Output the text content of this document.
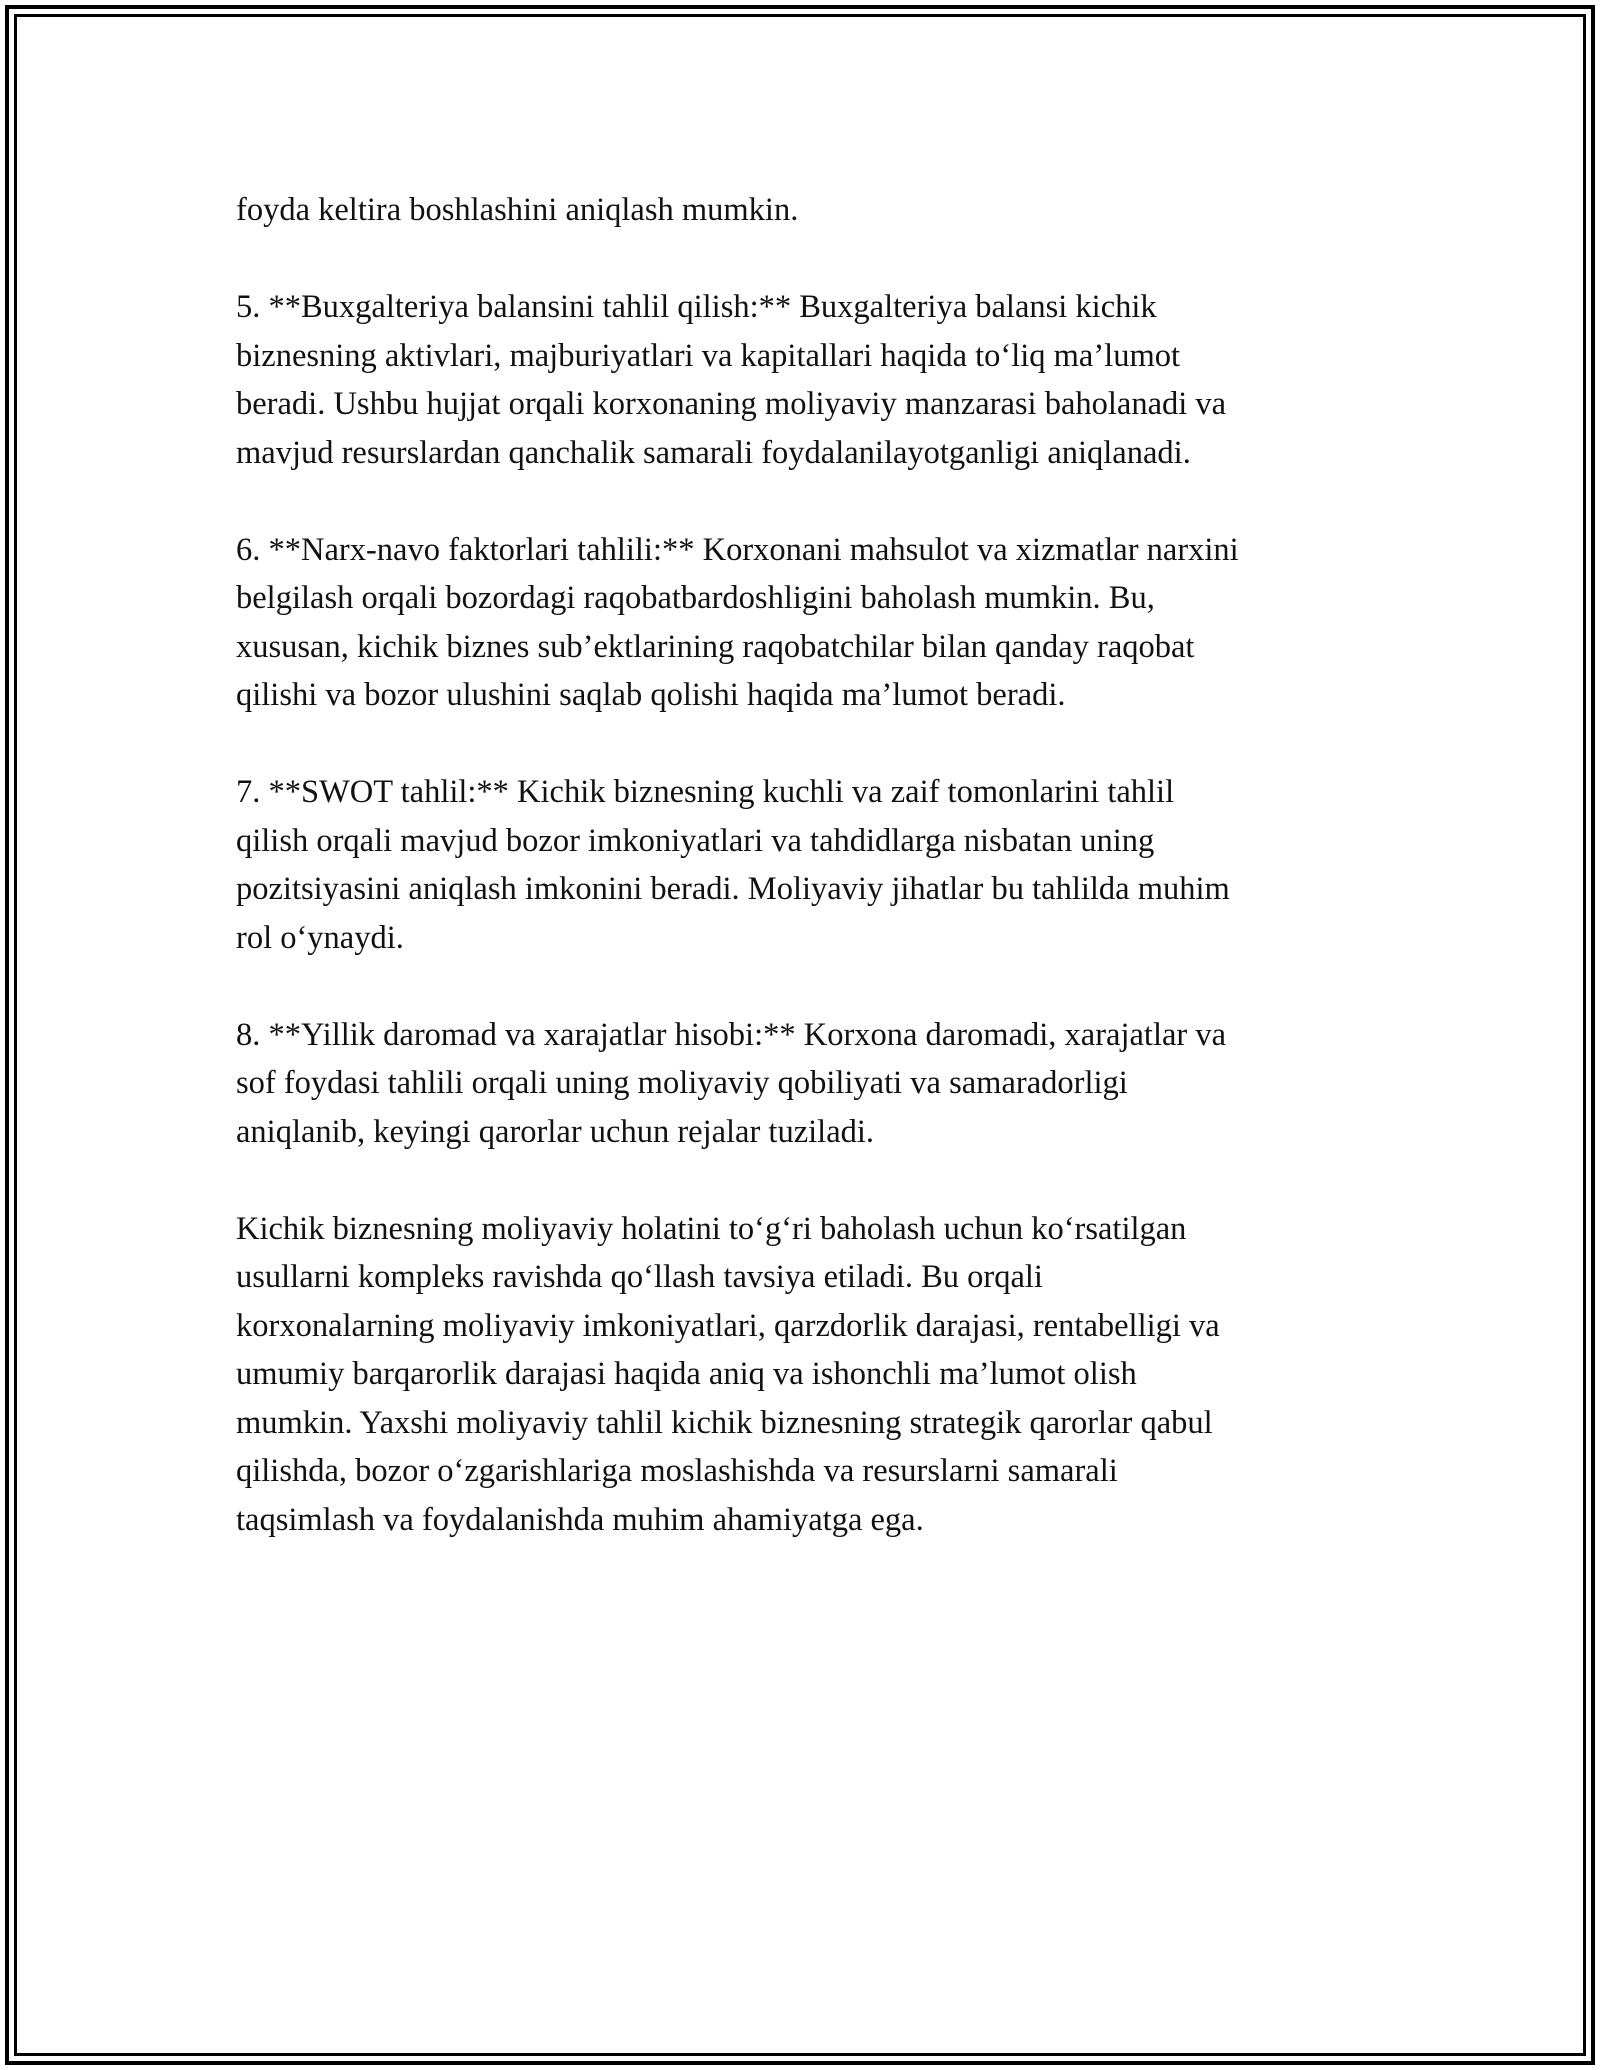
foyda keltira boshlashini aniqlash mumkin.

5. **Buxgalteriya balansini tahlil qilish:** Buxgalteriya balansi kichik
biznesning aktivlari, majburiyatlari va kapitallari haqida to‘liq ma’lumot
beradi. Ushbu hujjat orqali korxonaning moliyaviy manzarasi baholanadi va
mavjud resurslardan qanchalik samarali foydalanilayotganligi aniqlanadi.

6. **Narx-navo faktorlari tahlili:** Korxonani mahsulot va xizmatlar narxini
belgilash orqali bozordagi raqobatbardoshligini baholash mumkin. Bu,
xususan, kichik biznes sub’ektlarining raqobatchilar bilan qanday raqobat
qilishi va bozor ulushini saqlab qolishi haqida ma’lumot beradi.

7. **SWOT tahlil:** Kichik biznesning kuchli va zaif tomonlarini tahlil
qilish orqali mavjud bozor imkoniyatlari va tahdidlarga nisbatan uning
pozitsiyasini aniqlash imkonini beradi. Moliyaviy jihatlar bu tahlilda muhim
rol o‘ynaydi.

8. **Yillik daromad va xarajatlar hisobi:** Korxona daromadi, xarajatlar va
sof foydasi tahlili orqali uning moliyaviy qobiliyati va samaradorligi
aniqlanib, keyingi qarorlar uchun rejalar tuziladi.

Kichik biznesning moliyaviy holatini to‘g‘ri baholash uchun ko‘rsatilgan
usullarni kompleks ravishda qo‘llash tavsiya etiladi. Bu orqali
korxonalarning moliyaviy imkoniyatlari, qarzdorlik darajasi, rentabelligi va
umumiy barqarorlik darajasi haqida aniq va ishonchli ma’lumot olish
mumkin. Yaxshi moliyaviy tahlil kichik biznesning strategik qarorlar qabul
qilishda, bozor o‘zgarishlariga moslashishda va resurslarni samarali
taqsimlash va foydalanishda muhim ahamiyatga ega.
